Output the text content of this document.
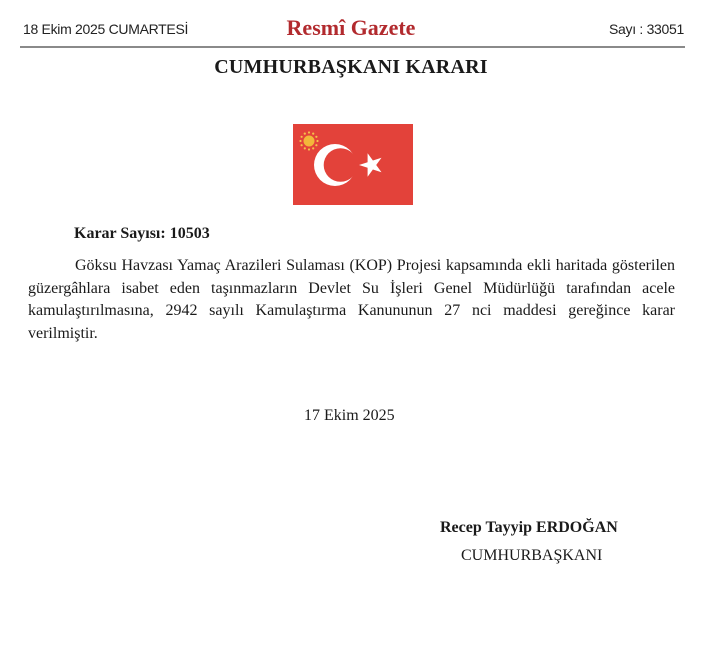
18 Ekim 2025 CUMARTESİ	Resmî Gazete	Sayı : 33051
CUMHURBAŞKANI KARARI
Karar Sayısı: 10503
Göksu Havzası Yamaç Arazileri Sulaması (KOP) Projesi kapsamında ekli haritada gösterilen güzergâhlara isabet eden taşınmazların Devlet Su İşleri Genel Müdürlüğü tarafından acele kamulaştırılmasına, 2942 sayılı Kamulaştırma Kanununun 27 nci maddesi gereğince karar verilmiştir.
17 Ekim 2025
Recep Tayyip ERDOĞAN
CUMHURBAŞKANI
